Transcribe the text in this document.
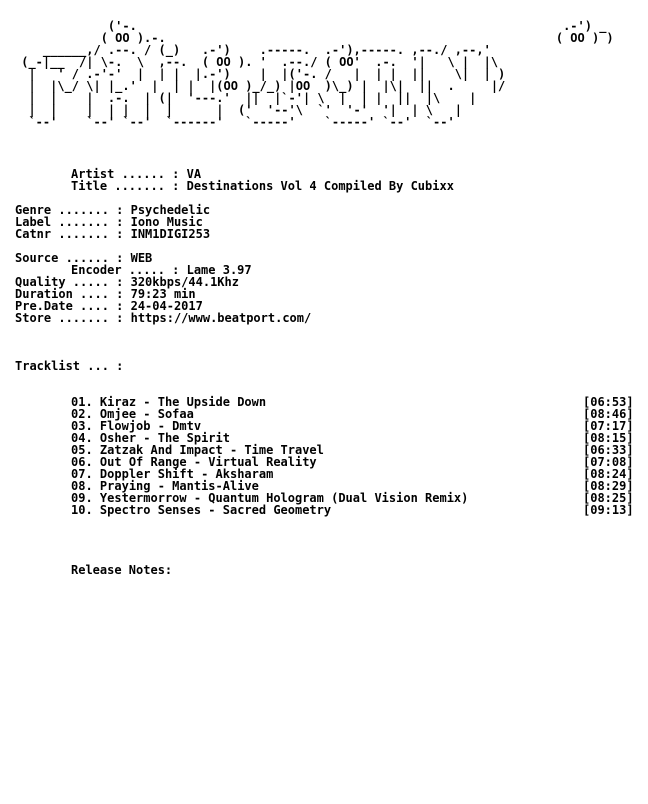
('-.                                                           .-') _
( OO ).-.                                                      ( OO ) )
______,/ .--. / (_)   .-')    .-----.  .-'),-----. ,--./ ,--,'
(_-|__  /| \-.  \  ,--.  ( OO ). '  .--./ ( OO'  .-.  '|   \ |  |\
|   ' / .-'-'  |  | |  |.-')    |  |('-. /   |  | |  ||    \|  | )
|  |\_/ \| |_.'  |  | |  |(OO )_/_) |OO  )\_) |  |\|  ||  .     |/
|  |    |  .-.  | (|  '---.'  ||  |`-'| \  |  | |  ||  |\    |
|  |    |  | |  |  |      |  ('  '--'\  `'  '-'  '|  | \   |
`--'    `--' `--'  `------'   `-----'    `-----' `--'  `--'
Artist ...... : VA
Title ....... : Destinations Vol 4 Compiled By Cubixx
Genre ....... : Psychedelic
Label ....... : Iono Music
Catnr ....... : INM1DIGI253
Source ...... : WEB
Encoder ..... : Lame 3.97
Quality ..... : 320kbps/44.1Khz
Duration .... : 79:23 min
Pre.Date .... : 24-04-2017
Store ....... : https://www.beatport.com/
Tracklist ... :
01. Kiraz - The Upside Down	[06:53]
02. Omjee - Sofaa	[08:46]
03. Flowjob - Dmtv	[07:17]
04. Osher - The Spirit	[08:15]
05. Zatzak And Impact - Time Travel	[06:33]
06. Out Of Range - Virtual Reality	[07:08]
07. Doppler Shift - Aksharam	[08:24]
08. Praying - Mantis-Alive	[08:29]
09. Yestermorrow - Quantum Hologram (Dual Vision Remix)	[08:25]
10. Spectro Senses - Sacred Geometry	[09:13]
Release Notes:
